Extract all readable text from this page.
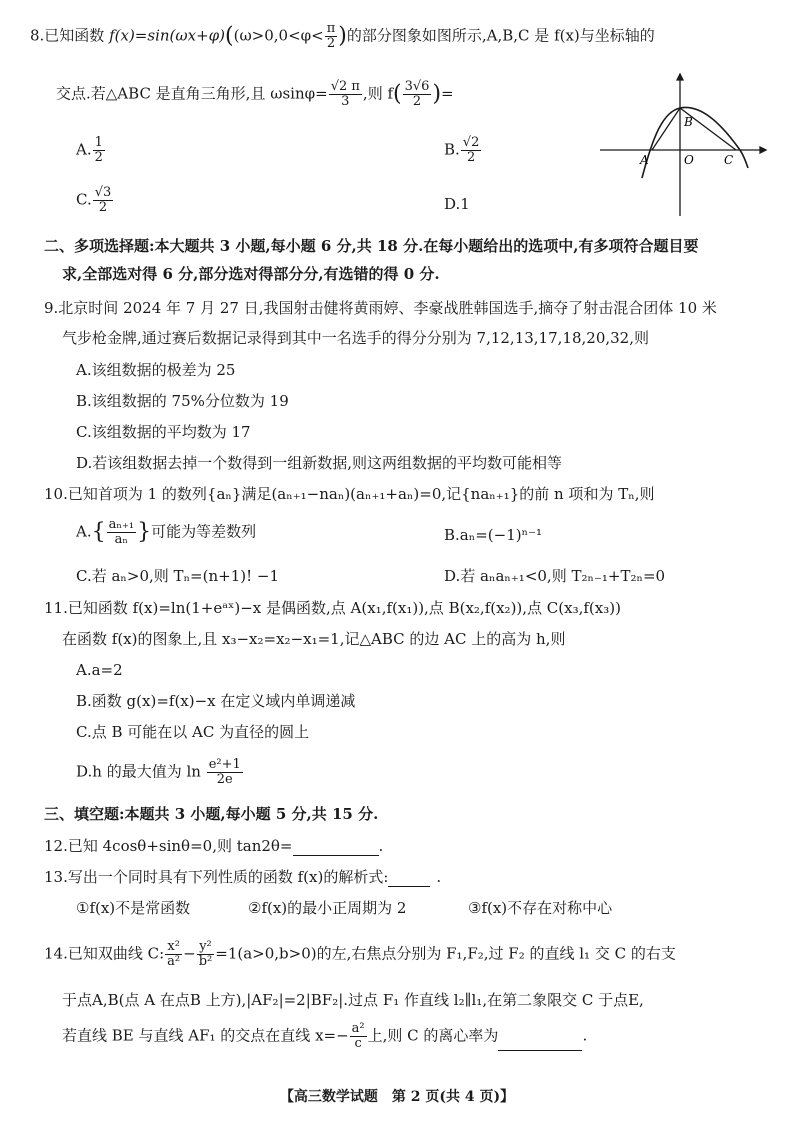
8.已知函数 $f(x)=\sin(\omega x+\varphi)((\omega>0,0<\varphi< \frac{\pi}{2}$ )的部分图象如图所示,A,B,C 是 f(x)与坐标轴的
交点.若△ABC 是直角三角形,且 $\omega\sin\varphi= \frac{√2 \pi}{3}$ ,则 $f( \frac{3√6}{2}$ )=
A. $\frac{1}{2}$	B. $\frac{√2}{2}$
C. $\frac{√3}{2}$	D.1
A	O
B
C
二、多项选择题:本大题共 3 小题,每小题 6 分,共 18 分.在每小题给出的选项中,有多项符合题目要
求,全部选对得 6 分,部分选对得部分分,有选错的得 0 分.
9.北京时间 2024 年 7 月 27 日,我国射击健将黄雨婷、李豪战胜韩国选手,摘夺了射击混合团体 10 米
气步枪金牌,通过赛后数据记录得到其中一名选手的得分分别为 7,12,13,17,18,20,32,则
A.该组数据的极差为 25
B.该组数据的 75%分位数为 19
C.该组数据的平均数为 17
D.若该组数据去掉一个数得到一组新数据,则这两组数据的平均数可能相等
10.已知首项为 1 的数列{aₙ}满足(aₙ₊₁−naₙ)(aₙ₊₁+aₙ)=0,记{naₙ₊₁}的前 n 项和为 Tₙ,则
$A.\{ \frac{\text{aₙ₊₁}}{\text{aₙ}}$ }可能为等差数列	B.aₙ=(−1)ⁿ⁻¹
C.若 aₙ>0,则 Tₙ=(n+1)! −1	D.若 aₙaₙ₊₁<0,则 T₂ₙ₋₁+T₂ₙ=0
11.已知函数 f(x)=ln(1+eᵃˣ)−x 是偶函数,点 A(x₁,f(x₁)),点 B(x₂,f(x₂)),点 C(x₃,f(x₃))
在函数 f(x)的图象上,且 x₃−x₂=x₂−x₁=1,记△ABC 的边 AC 上的高为 h,则
A.a=2
B.函数 g(x)=f(x)−x 在定义域内单调递减
C.点 B 可能在以 AC 为直径的圆上
D.h 的最大值为 $\ln \frac{\text{e²+1}}{2e}$
三、填空题:本题共 3 小题,每小题 5 分,共 15 分.
12.已知 4cosθ+sinθ=0,则 tan2θ=	.
13.写出一个同时具有下列性质的函数 f(x)的解析式:	.
①f(x)不是常函数	②f(x)的最小正周期为 2	③f(x)不存在对称中心
14.已知双曲线 C: $\frac{\text{x²}}{\text{a²}} - \frac{\text{y²}}{\text{b²}} =1(a>0,b>0)$的左,右焦点分别为 F₁,F₂,过 F₂ 的直线 l₁ 交 C 的右支
于点A,B(点 A 在点B 上方),|AF₂|=2|BF₂|.过点 F₁ 作直线 l₂∥l₁,在第二象限交 C 于点E,
若直线 BE 与直线 AF₁ 的交点在直线 $x=- \frac{\text{a²}}{c}$ 上,则 C 的离心率为	.
【高三数学试题　第 2 页(共 4 页)】
